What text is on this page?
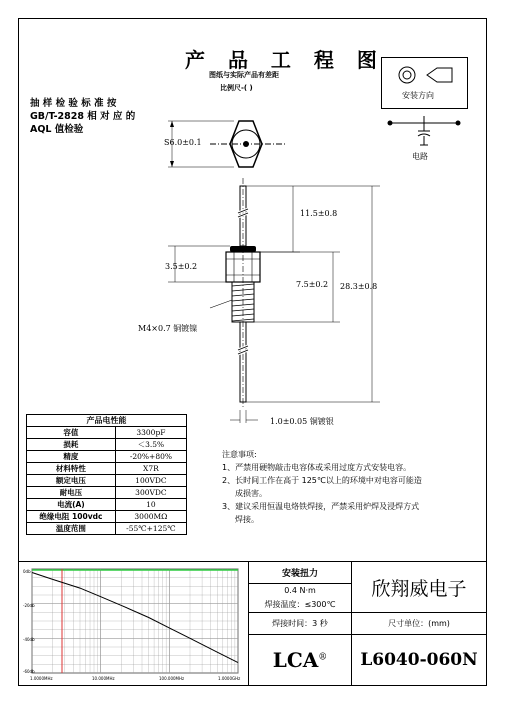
产 品 工 程 图
图纸与实际产品有差距
比例尺-( )
抽 样 检 验 标 准 按
GB/T-2828 相 对 应 的
AQL 值检验
安装方向
电路
S6.0±0.1
11.5±0.8
3.5±0.2
7.5±0.2 28.3±0.8
M4×0.7 铜镀镍
1.0±0.05 铜镀银
产品电性能	
容值	3300pF
损耗	＜3.5%
精度	-20%+80%
材料特性	X7R
额定电压	100VDC
耐电压	300VDC
电流(A)	10
绝缘电阻 100vdc	3000MΩ
温度范围	-55℃+125℃
注意事项:
1、严禁用硬物敲击电容体或采用过度方式安装电容。
2、长时间工作在高于 125℃以上的环境中对电容可能造
成损害。
3、建议采用恒温电烙铁焊接，严禁采用炉焊及浸焊方式
焊接。
0db
-20db
-40db
-60db
1.0000MHz	10.000MHz	100.000MHz	1.0000GHz
安装扭力	欣翔威电子
0.4 N·m	
焊接温度：≤300℃	
焊接时间：3 秒	尺寸单位：(mm)
LCA®	L6040-060N
